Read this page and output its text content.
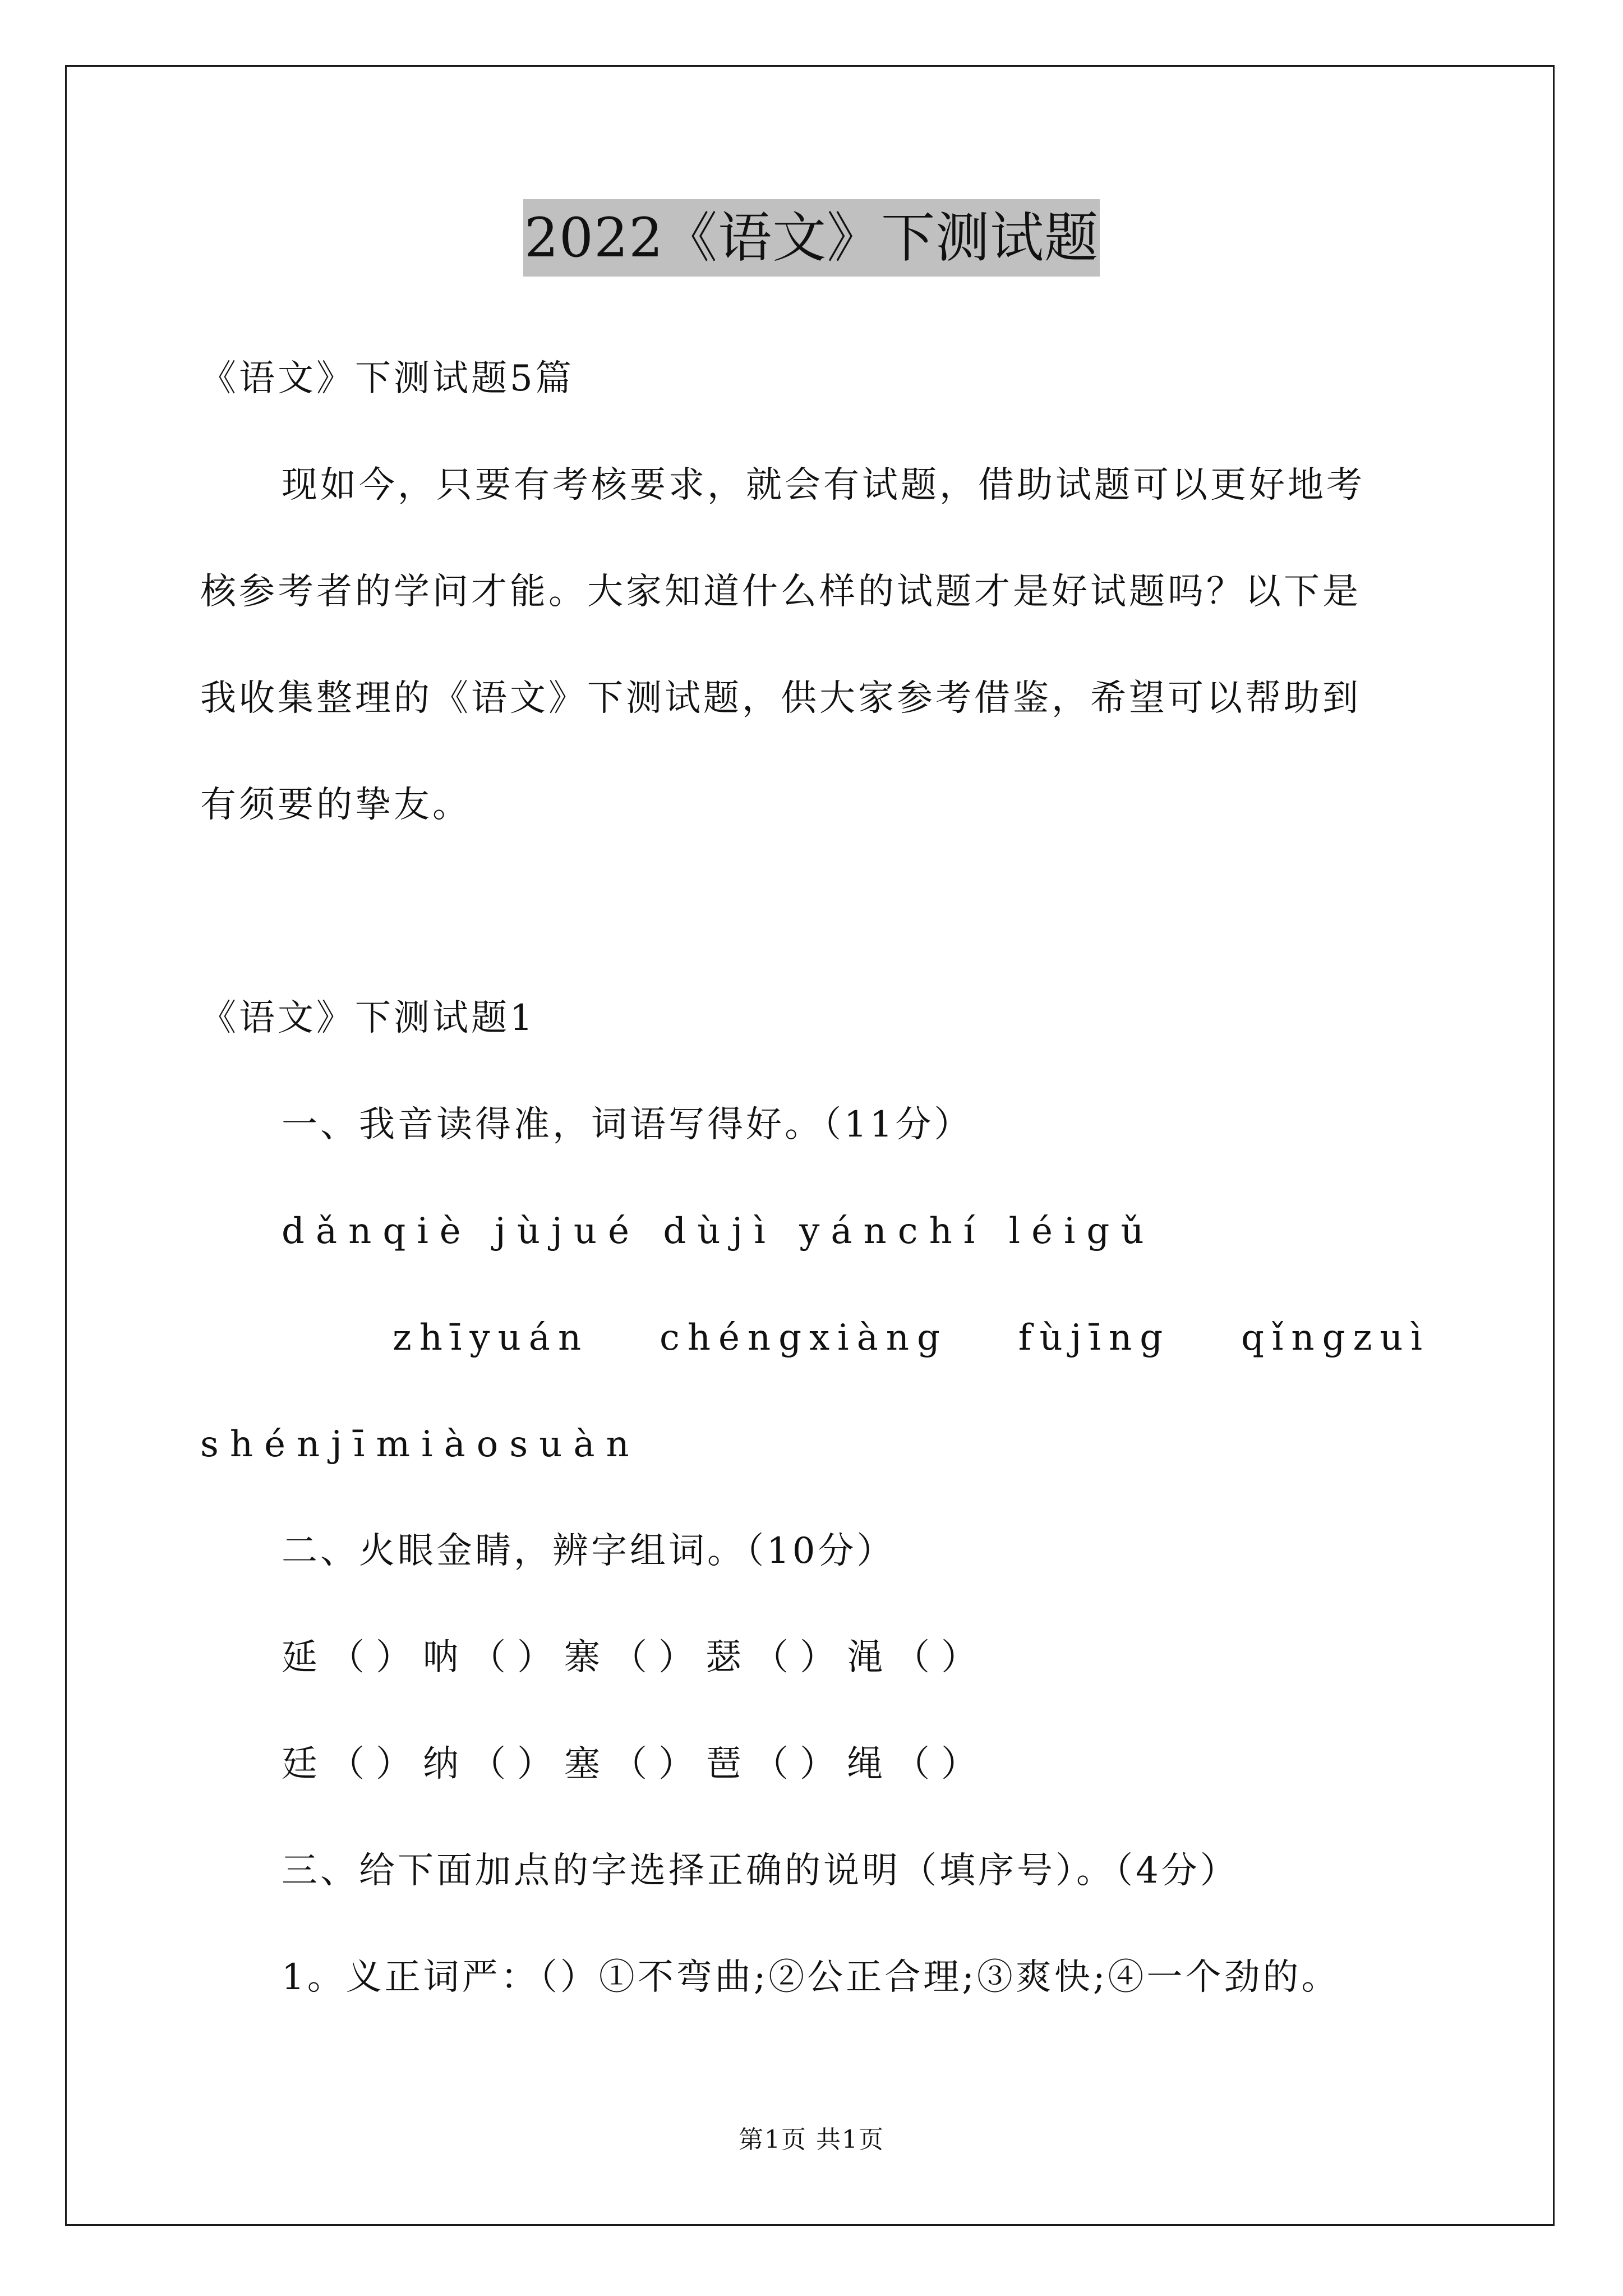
2022《语文》下测试题
《语文》下测试题5篇
现如今，只要有考核要求，就会有试题，借助试题可以更好地考
核参考者的学问才能。大家知道什么样的试题才是好试题吗？以下是
我收集整理的《语文》下测试题，供大家参考借鉴，希望可以帮助到
有须要的挚友。
《语文》下测试题1
一、我音读得准，词语写得好。（11分）
dǎnqiè jùjué dùjì yánchí léigǔ
zhīyuán chéngxiàng fùjīng qǐngzuì
shénjīmiàosuàn
二、火眼金睛，辨字组词。（10分）
延（）呐（）寨（）瑟（）渑（）
廷（）纳（）塞（）琶（）绳（）
三、给下面加点的字选择正确的说明（填序号）。（4分）
1。义正词严：（）①不弯曲;②公正合理;③爽快;④一个劲的。
第1页 共1页
